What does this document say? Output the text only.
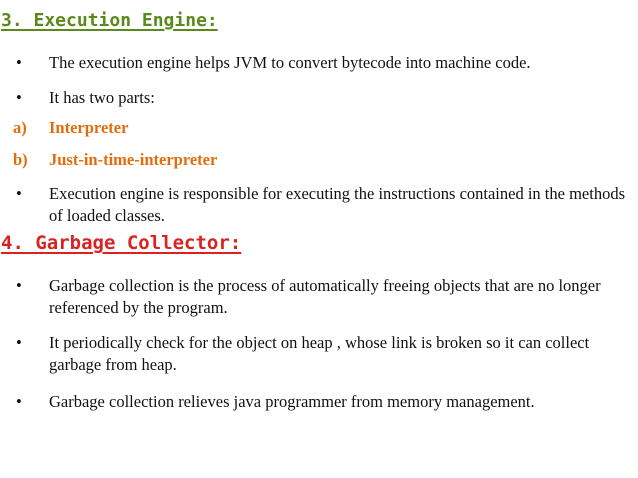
3. Execution Engine:
•	The execution engine helps JVM to convert bytecode into machine code.
•	It has two parts:
a)	Interpreter
b)	Just-in-time-interpreter
•	Execution engine is responsible for executing the instructions contained in the methods of loaded classes.
4. Garbage Collector:
•	Garbage collection is the process of automatically freeing objects that are no longer referenced by the program.
•	It periodically check for the object on heap , whose link is broken so it can collect garbage from heap.
•	Garbage collection relieves java programmer from memory management.
